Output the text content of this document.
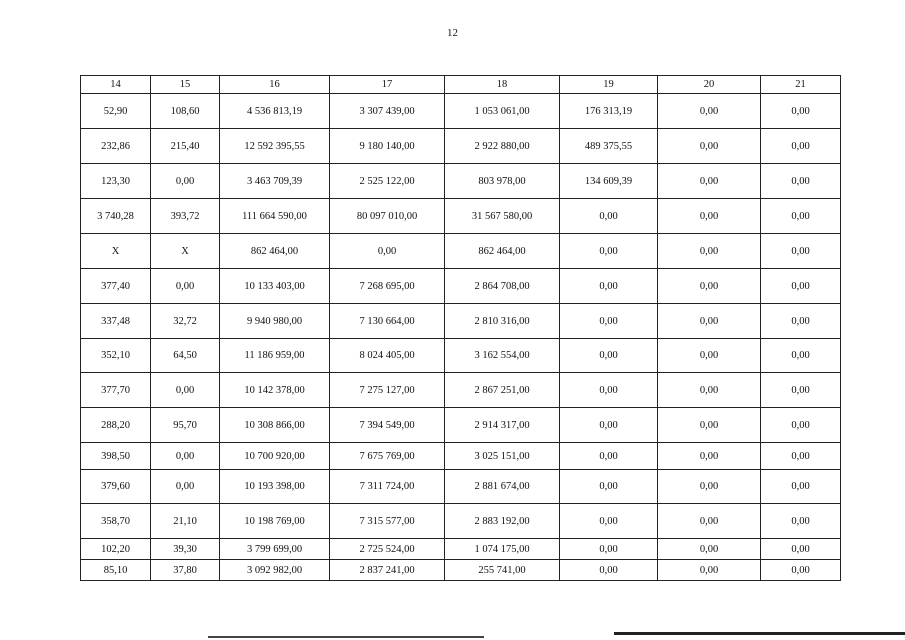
12
14	15	16	17	18	19	20	21
52,90	108,60	4 536 813,19	3 307 439,00	1 053 061,00	176 313,19	0,00	0,00
232,86	215,40	12 592 395,55	9 180 140,00	2 922 880,00	489 375,55	0,00	0,00
123,30	0,00	3 463 709,39	2 525 122,00	803 978,00	134 609,39	0,00	0,00
3 740,28	393,72	111 664 590,00	80 097 010,00	31 567 580,00	0,00	0,00	0,00
X	X	862 464,00	0,00	862 464,00	0,00	0,00	0,00
377,40	0,00	10 133 403,00	7 268 695,00	2 864 708,00	0,00	0,00	0,00
337,48	32,72	9 940 980,00	7 130 664,00	2 810 316,00	0,00	0,00	0,00
352,10	64,50	11 186 959,00	8 024 405,00	3 162 554,00	0,00	0,00	0,00
377,70	0,00	10 142 378,00	7 275 127,00	2 867 251,00	0,00	0,00	0,00
288,20	95,70	10 308 866,00	7 394 549,00	2 914 317,00	0,00	0,00	0,00
398,50	0,00	10 700 920,00	7 675 769,00	3 025 151,00	0,00	0,00	0,00
379,60	0,00	10 193 398,00	7 311 724,00	2 881 674,00	0,00	0,00	0,00
358,70	21,10	10 198 769,00	7 315 577,00	2 883 192,00	0,00	0,00	0,00
102,20	39,30	3 799 699,00	2 725 524,00	1 074 175,00	0,00	0,00	0,00
85,10	37,80	3 092 982,00	2 837 241,00	255 741,00	0,00	0,00	0,00
